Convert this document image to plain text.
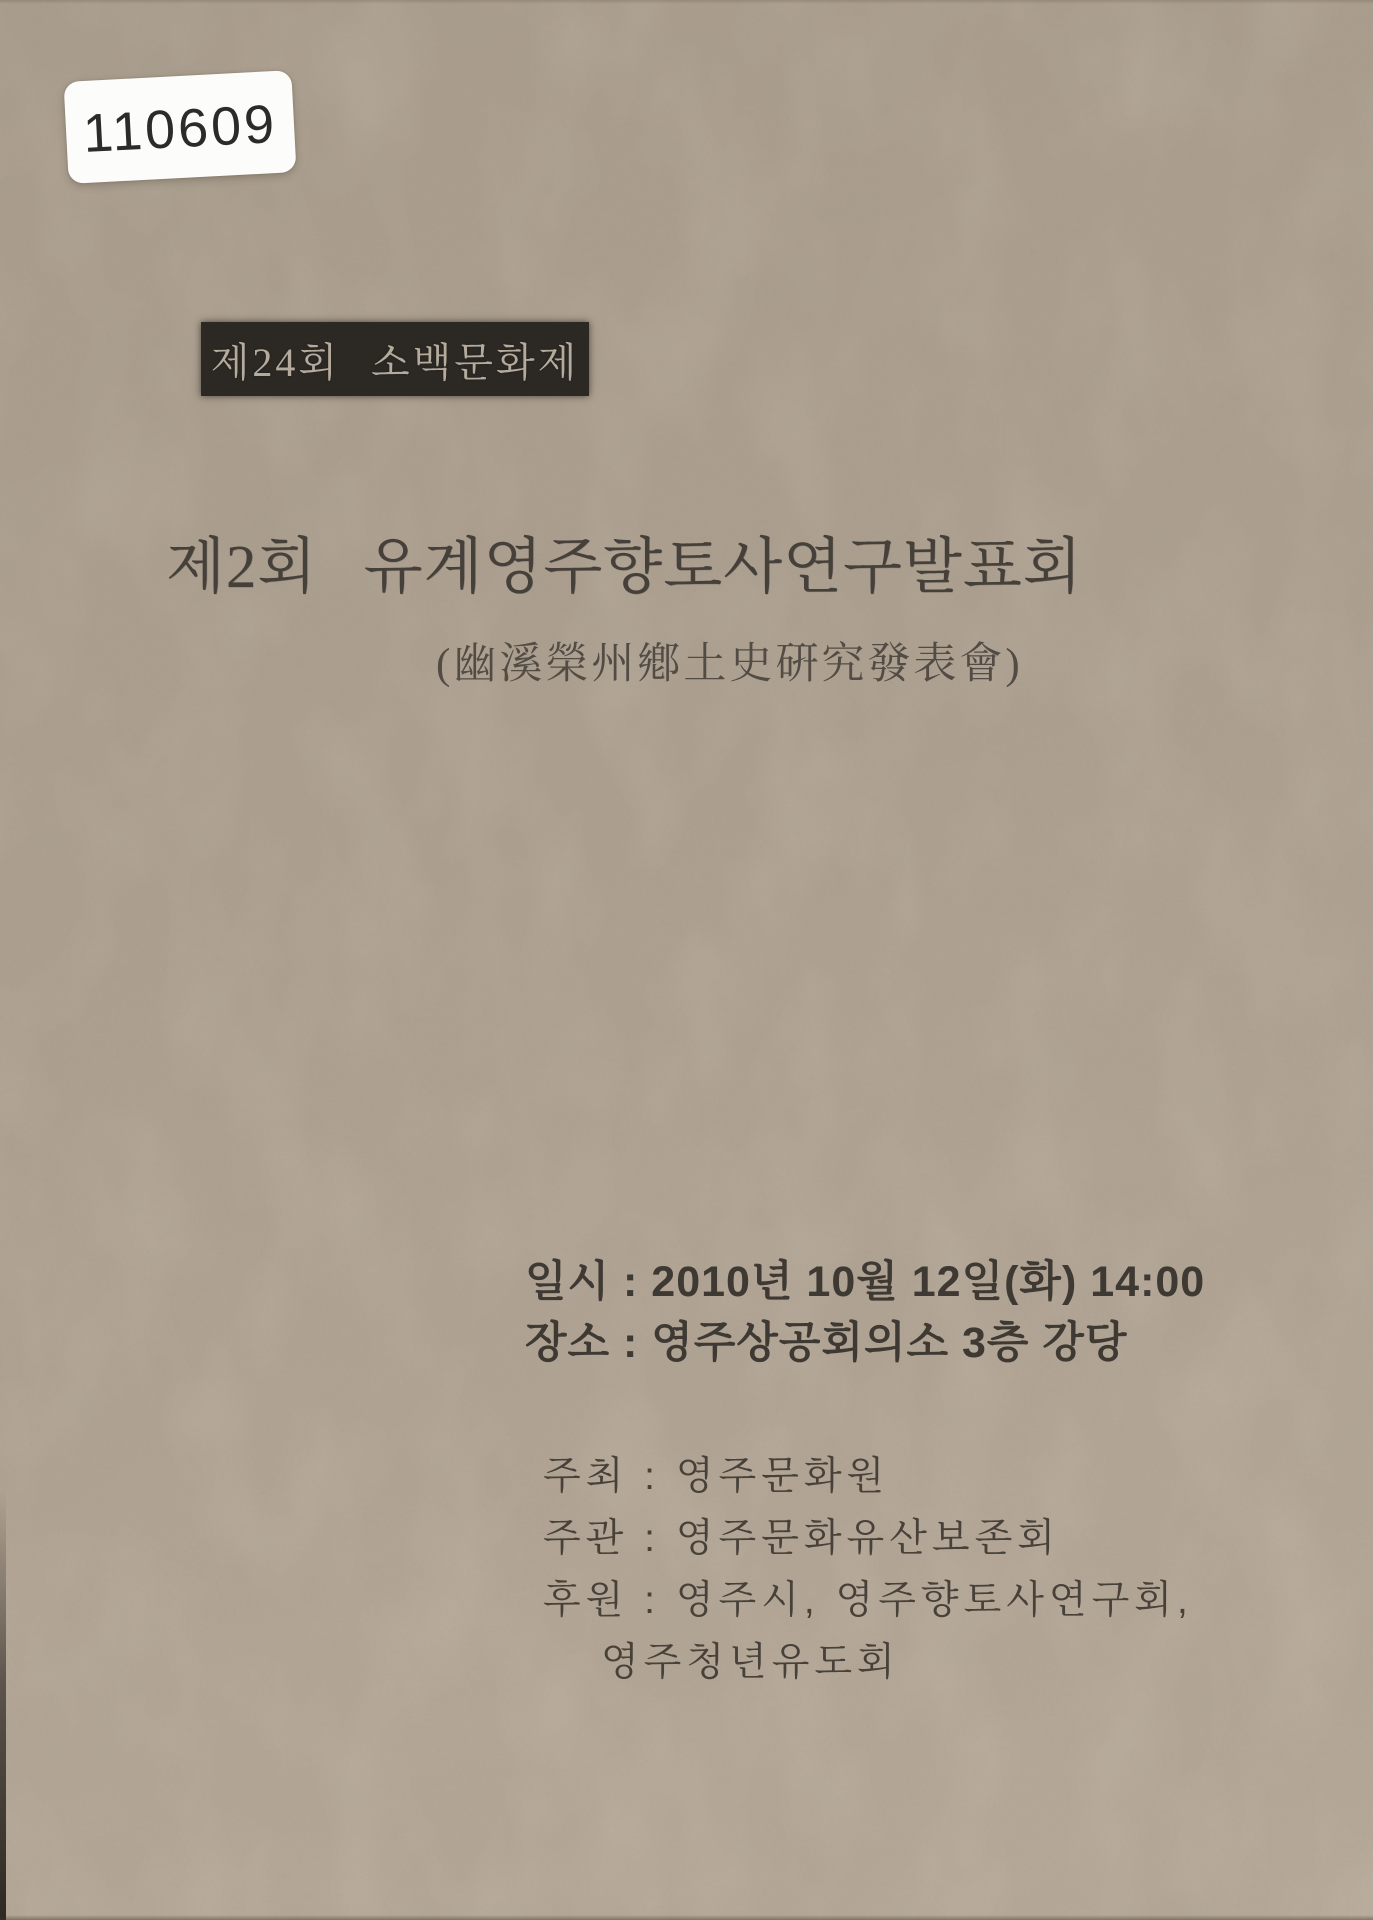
110609
제24회 소백문화제
제2회 유계영주향토사연구발표회
(幽溪榮州鄕土史硏究發表會)
일시 : 2010년 10월 12일(화) 14:00
장소 : 영주상공회의소 3층 강당
주최 : 영주문화원
주관 : 영주문화유산보존회
후원 : 영주시, 영주향토사연구회,
영주청년유도회
